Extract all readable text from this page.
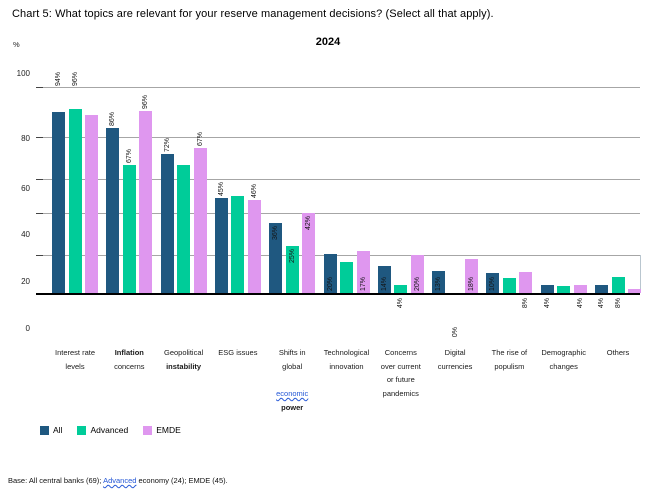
Chart 5: What topics are relevant for your reserve management decisions? (Select all that apply).
%	2024
100
80
60
40
20
0
94% 96%
Interest rate
levels
86%
67%
96%
Inflation
concerns
72%	67%
Geopolitical
instability
45%	46%
ESG issues
36%
25%
42%
Shifts in
global
economic
power
20%	17%
Technological
innovation
14%
4%
20%
Concerns
over current
or future
pandemics
13%
0%
18%
Digital
currencies
10%
8%
The rise of
populism
4%	4%
Demographic
changes
4% 8%
Others
All	Advanced	EMDE
Base: All central banks (69); Advanced economy (24); EMDE (45).
